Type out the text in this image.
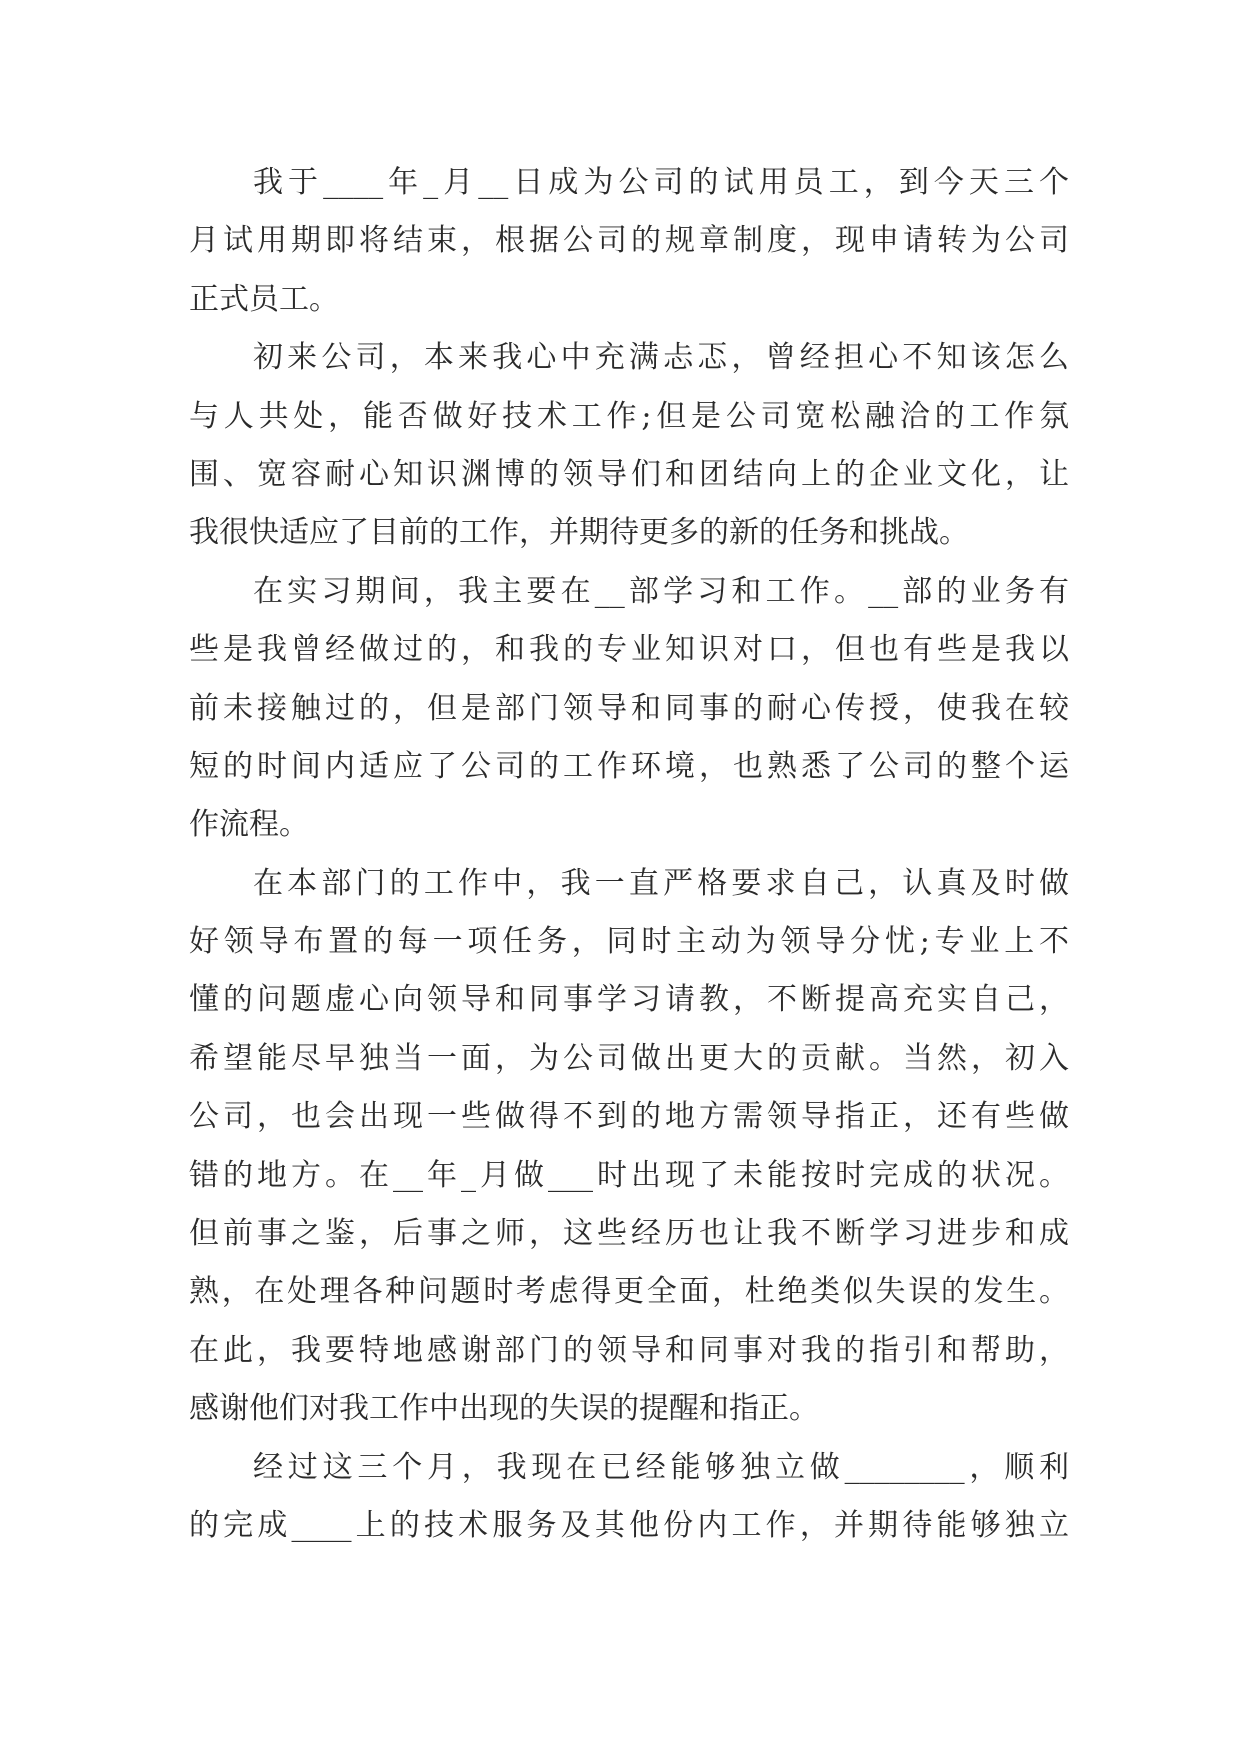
我于____年_月__日成为公司的试用员工，到今天三个
月试用期即将结束，根据公司的规章制度，现申请转为公司
正式员工。
初来公司，本来我心中充满忐忑，曾经担心不知该怎么
与人共处，能否做好技术工作;但是公司宽松融洽的工作氛
围、宽容耐心知识渊博的领导们和团结向上的企业文化，让
我很快适应了目前的工作，并期待更多的新的任务和挑战。
在实习期间，我主要在__部学习和工作。__部的业务有
些是我曾经做过的，和我的专业知识对口，但也有些是我以
前未接触过的，但是部门领导和同事的耐心传授，使我在较
短的时间内适应了公司的工作环境，也熟悉了公司的整个运
作流程。
在本部门的工作中，我一直严格要求自己，认真及时做
好领导布置的每一项任务，同时主动为领导分忧;专业上不
懂的问题虚心向领导和同事学习请教，不断提高充实自己，
希望能尽早独当一面，为公司做出更大的贡献。当然，初入
公司，也会出现一些做得不到的地方需领导指正，还有些做
错的地方。在__年_月做___时出现了未能按时完成的状况。
但前事之鉴，后事之师，这些经历也让我不断学习进步和成
熟，在处理各种问题时考虑得更全面，杜绝类似失误的发生。
在此，我要特地感谢部门的领导和同事对我的指引和帮助，
感谢他们对我工作中出现的失误的提醒和指正。
经过这三个月，我现在已经能够独立做________，顺利
的完成____上的技术服务及其他份内工作，并期待能够独立
